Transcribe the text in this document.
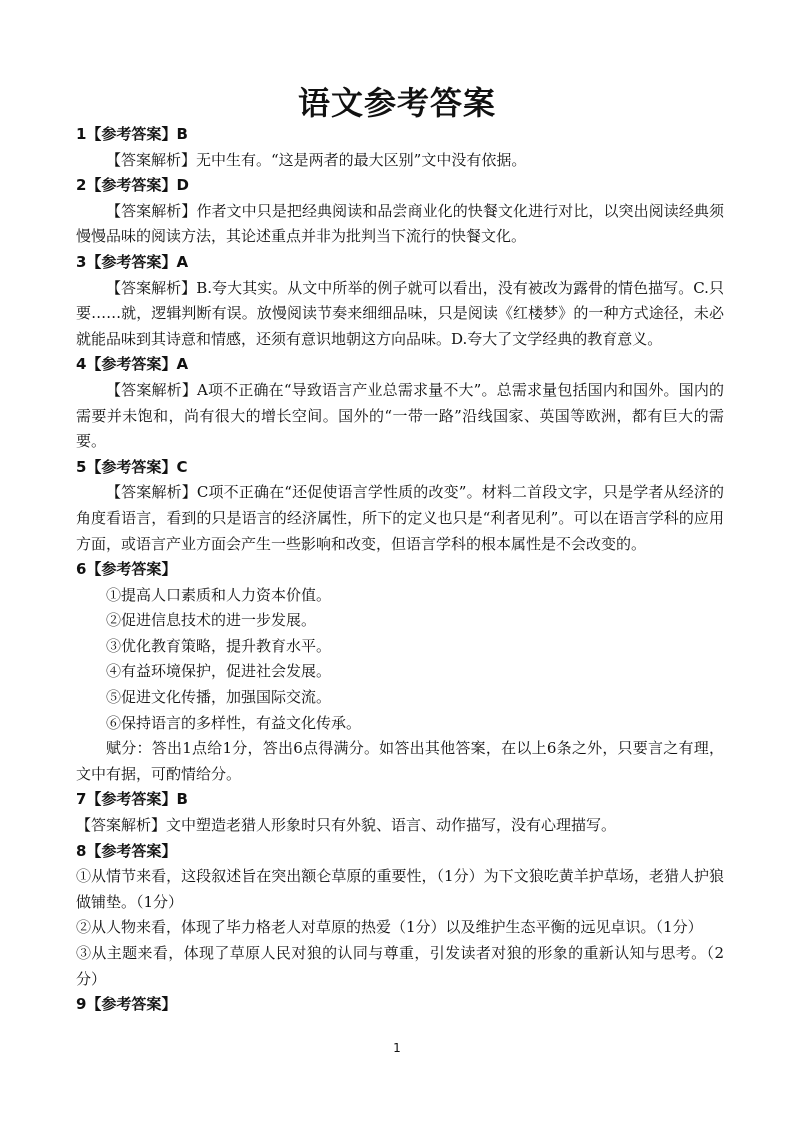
语文参考答案

1【参考答案】B

【答案解析】无中生有。“这是两者的最大区别”文中没有依据。

2【参考答案】D

【答案解析】作者文中只是把经典阅读和品尝商业化的快餐文化进行对比，以突出阅读经典须慢慢品味的阅读方法，其论述重点并非为批判当下流行的快餐文化。

3【参考答案】A

【答案解析】B.夸大其实。从文中所举的例子就可以看出，没有被改为露骨的情色描写。C.只要……就，逻辑判断有误。放慢阅读节奏来细细品味，只是阅读《红楼梦》的一种方式途径，未必就能品味到其诗意和情感，还须有意识地朝这方向品味。D.夸大了文学经典的教育意义。

4【参考答案】A

【答案解析】A项不正确在“导致语言产业总需求量不大”。总需求量包括国内和国外。国内的需要并未饱和，尚有很大的增长空间。国外的“一带一路”沿线国家、英国等欧洲，都有巨大的需要。

5【参考答案】C

【答案解析】C项不正确在“还促使语言学性质的改变”。材料二首段文字，只是学者从经济的角度看语言，看到的只是语言的经济属性，所下的定义也只是“利者见利”。可以在语言学科的应用方面，或语言产业方面会产生一些影响和改变，但语言学科的根本属性是不会改变的。

6【参考答案】

①提高人口素质和人力资本价值。

②促进信息技术的进一步发展。

③优化教育策略，提升教育水平。

④有益环境保护，促进社会发展。

⑤促进文化传播，加强国际交流。

⑥保持语言的多样性，有益文化传承。

赋分：答出1点给1分，答出6点得满分。如答出其他答案，在以上6条之外，只要言之有理，文中有据，可酌情给分。

7【参考答案】B

【答案解析】文中塑造老猎人形象时只有外貌、语言、动作描写，没有心理描写。

8【参考答案】

①从情节来看，这段叙述旨在突出额仑草原的重要性，（1分）为下文狼吃黄羊护草场，老猎人护狼做铺垫。（1分）

②从人物来看，体现了毕力格老人对草原的热爱（1分）以及维护生态平衡的远见卓识。（1分）

③从主题来看，体现了草原人民对狼的认同与尊重，引发读者对狼的形象的重新认知与思考。（2分）

9【参考答案】

1
